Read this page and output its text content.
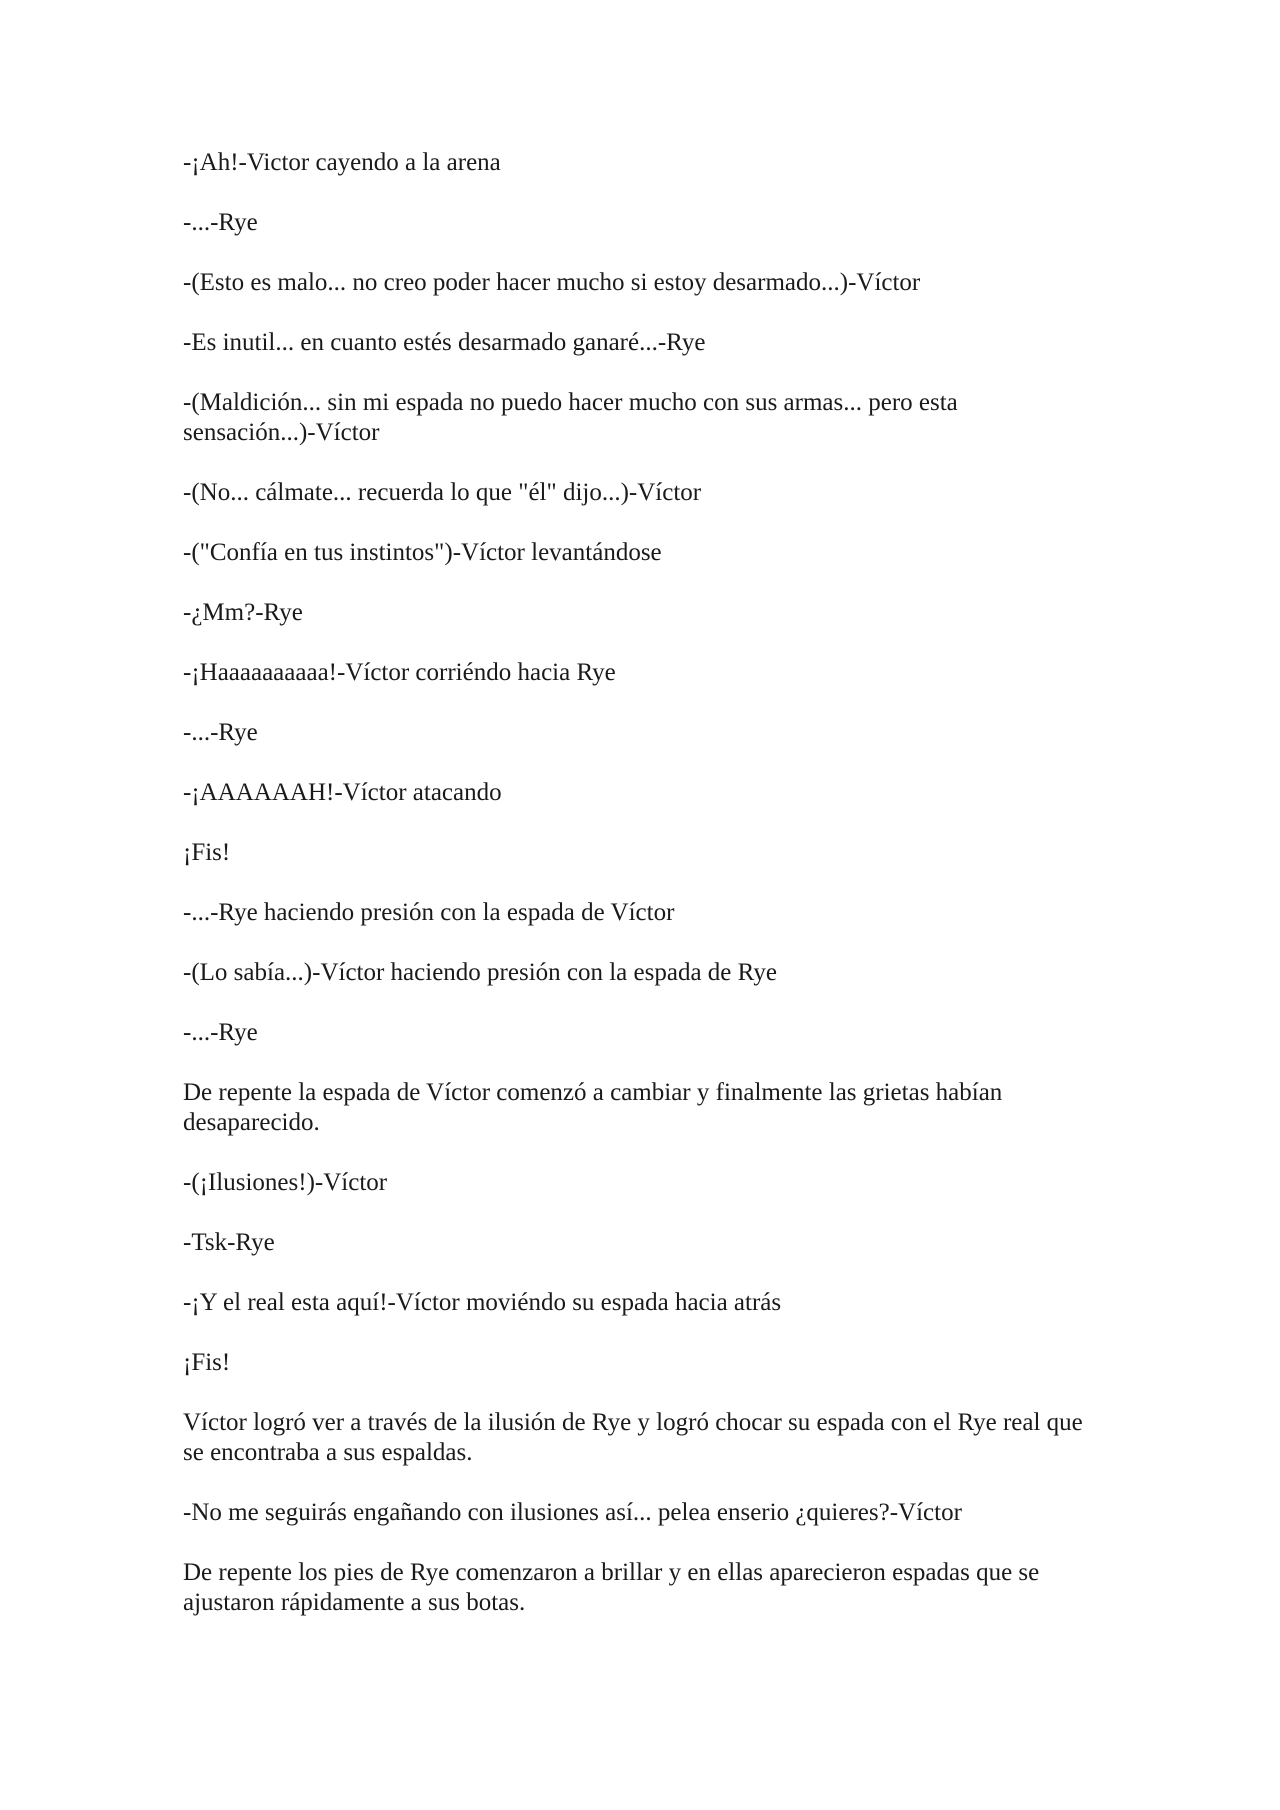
-¡Ah!-Victor cayendo a la arena

-...-Rye

-(Esto es malo... no creo poder hacer mucho si estoy desarmado...)-Víctor

-Es inutil... en cuanto estés desarmado ganaré...-Rye

-(Maldición... sin mi espada no puedo hacer mucho con sus armas... pero esta sensación...)-Víctor

-(No... cálmate... recuerda lo que "él" dijo...)-Víctor

-("Confía en tus instintos")-Víctor levantándose

-¿Mm?-Rye

-¡Haaaaaaaaaa!-Víctor corriéndo hacia Rye

-...-Rye

-¡AAAAAAH!-Víctor atacando

¡Fis!

-...-Rye haciendo presión con la espada de Víctor

-(Lo sabía...)-Víctor haciendo presión con la espada de Rye

-...-Rye

De repente la espada de Víctor comenzó a cambiar y finalmente las grietas habían desaparecido.

-(¡Ilusiones!)-Víctor

-Tsk-Rye

-¡Y el real esta aquí!-Víctor moviéndo su espada hacia atrás

¡Fis!

Víctor logró ver a través de la ilusión de Rye y logró chocar su espada con el Rye real que se encontraba a sus espaldas.

-No me seguirás engañando con ilusiones así... pelea enserio ¿quieres?-Víctor

De repente los pies de Rye comenzaron a brillar y en ellas aparecieron espadas que se ajustaron rápidamente a sus botas.
